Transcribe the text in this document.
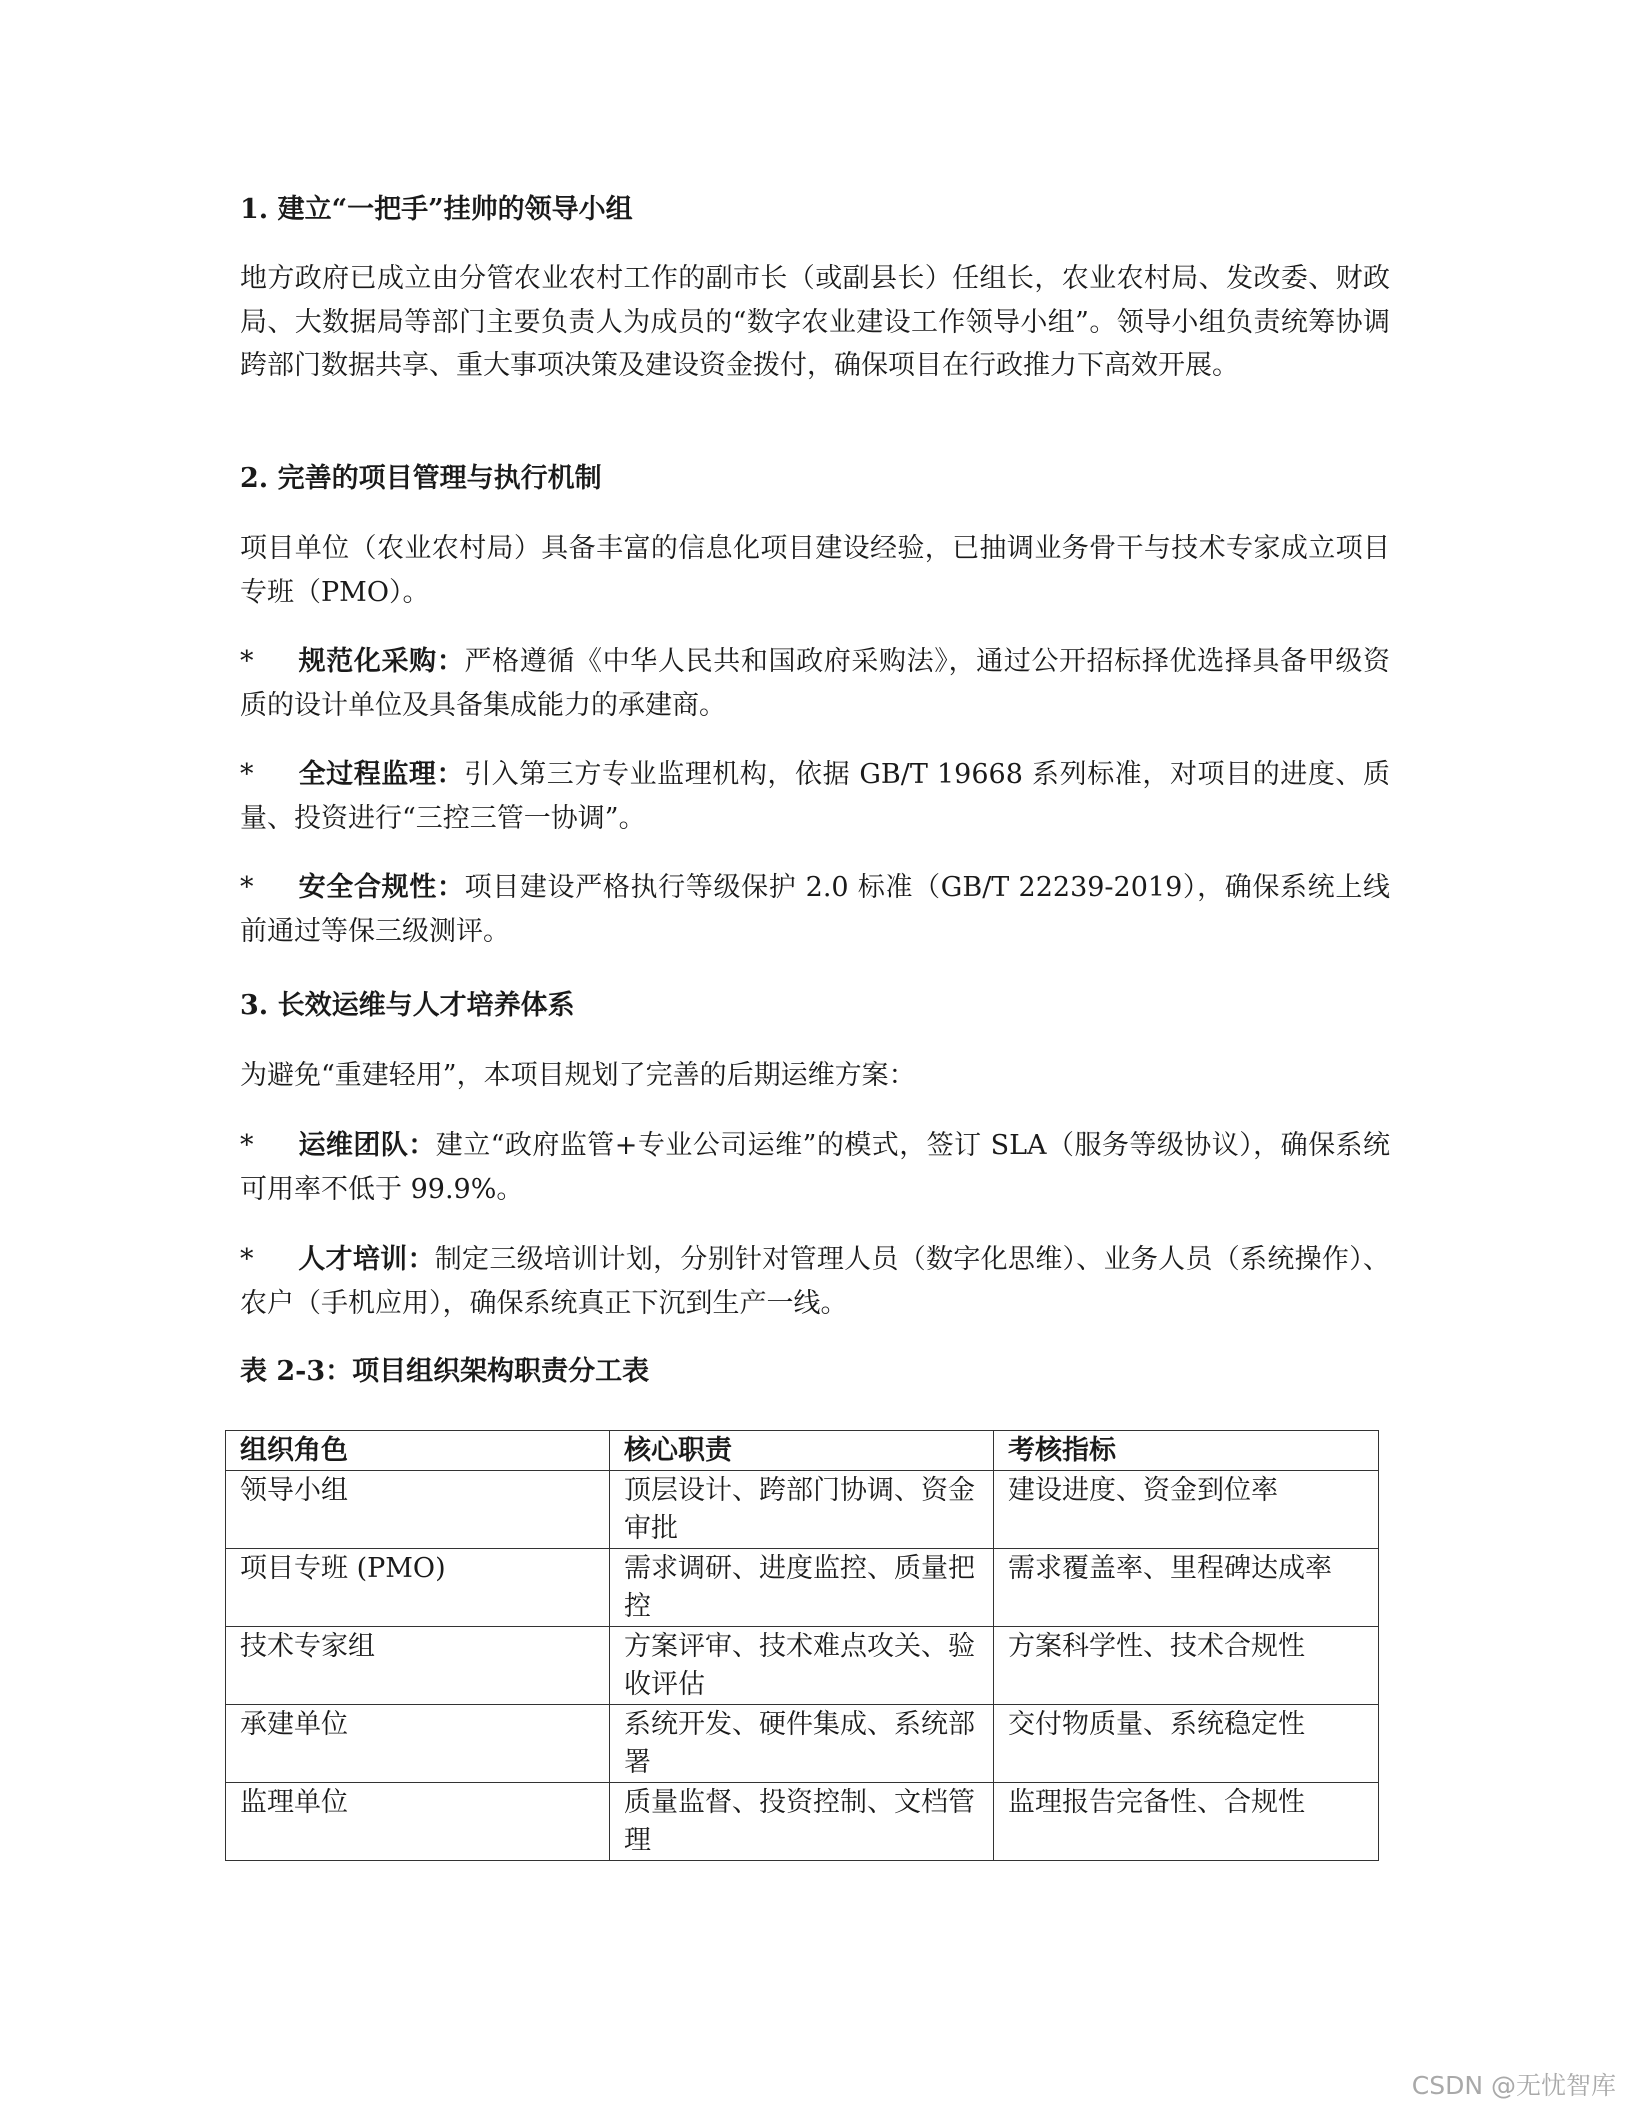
1. 建立“一把手”挂帅的领导小组
地方政府已成立由分管农业农村工作的副市长（或副县长）任组长，农业农村局、发改委、财政局、大数据局等部门主要负责人为成员的“数字农业建设工作领导小组”。领导小组负责统筹协调跨部门数据共享、重大事项决策及建设资金拨付，确保项目在行政推力下高效开展。
2. 完善的项目管理与执行机制
项目单位（农业农村局）具备丰富的信息化项目建设经验，已抽调业务骨干与技术专家成立项目专班（PMO）。
* 规范化采购：严格遵循《中华人民共和国政府采购法》，通过公开招标择优选择具备甲级资质的设计单位及具备集成能力的承建商。
* 全过程监理：引入第三方专业监理机构，依据 GB/T 19668 系列标准，对项目的进度、质量、投资进行“三控三管一协调”。
* 安全合规性：项目建设严格执行等级保护 2.0 标准（GB/T 22239-2019），确保系统上线前通过等保三级测评。
3. 长效运维与人才培养体系
为避免“重建轻用”，本项目规划了完善的后期运维方案：
* 运维团队：建立“政府监管+专业公司运维”的模式，签订 SLA（服务等级协议），确保系统可用率不低于 99.9%。
* 人才培训：制定三级培训计划，分别针对管理人员（数字化思维）、业务人员（系统操作）、农户（手机应用），确保系统真正下沉到生产一线。
表 2-3：项目组织架构职责分工表
组织角色	核心职责	考核指标
领导小组	顶层设计、跨部门协调、资金审批	建设进度、资金到位率
项目专班 (PMO)	需求调研、进度监控、质量把控	需求覆盖率、里程碑达成率
技术专家组	方案评审、技术难点攻关、验收评估	方案科学性、技术合规性
承建单位	系统开发、硬件集成、系统部署	交付物质量、系统稳定性
监理单位	质量监督、投资控制、文档管理	监理报告完备性、合规性
CSDN @无忧智库
